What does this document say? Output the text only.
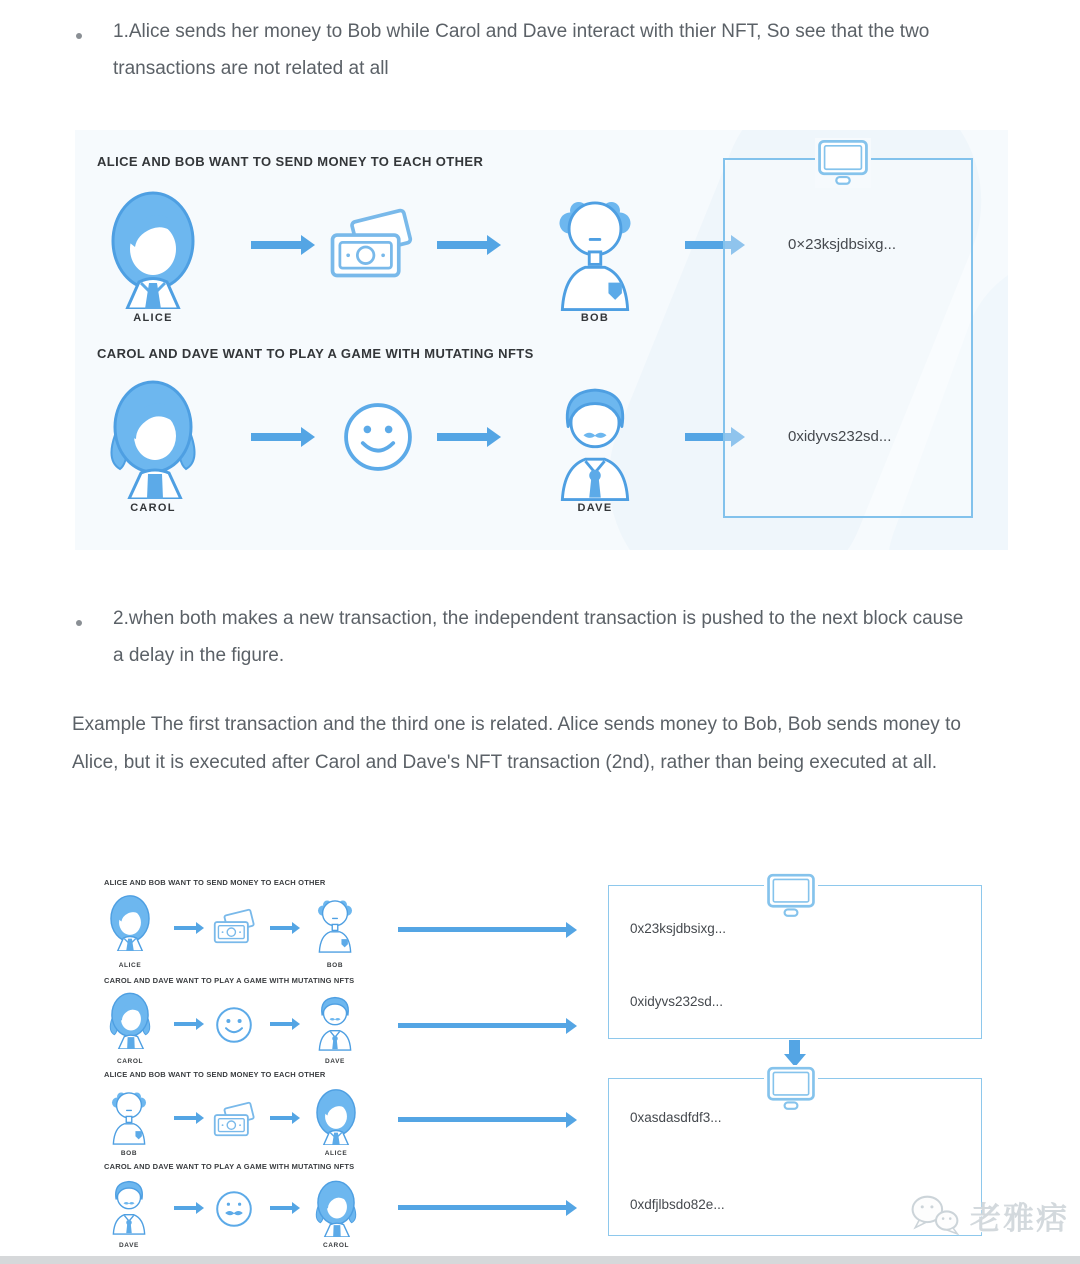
1.Alice sends her money to Bob while Carol and Dave interact with thier NFT, So see that the two transactions are not related at all
ALICE AND BOB WANT TO SEND MONEY TO EACH OTHER
ALICE	BOB
CAROL AND DAVE WANT TO PLAY A GAME WITH MUTATING NFTS
CAROL	DAVE
0×23ksjdbsixg...
0xidyvs232sd...
2.when both makes a new transaction, the independent transaction is pushed to the next block cause a delay in the figure.
Example The first transaction and the third one is related. Alice sends money to Bob, Bob sends money to Alice, but it is executed after Carol and Dave's NFT transaction (2nd), rather than being executed at all.
ALICE AND BOB WANT TO SEND MONEY TO EACH OTHER
ALICE	BOB
CAROL AND DAVE WANT TO PLAY A GAME WITH MUTATING NFTS
CAROL	DAVE
0x23ksjdbsixg...
0xidyvs232sd...
ALICE AND BOB WANT TO SEND MONEY TO EACH OTHER
BOB	ALICE
CAROL AND DAVE WANT TO PLAY A GAME WITH MUTATING NFTS
DAVE	CAROL
0xasdasdfdf3...
0xdfjlbsdo82e...	老雅痞
